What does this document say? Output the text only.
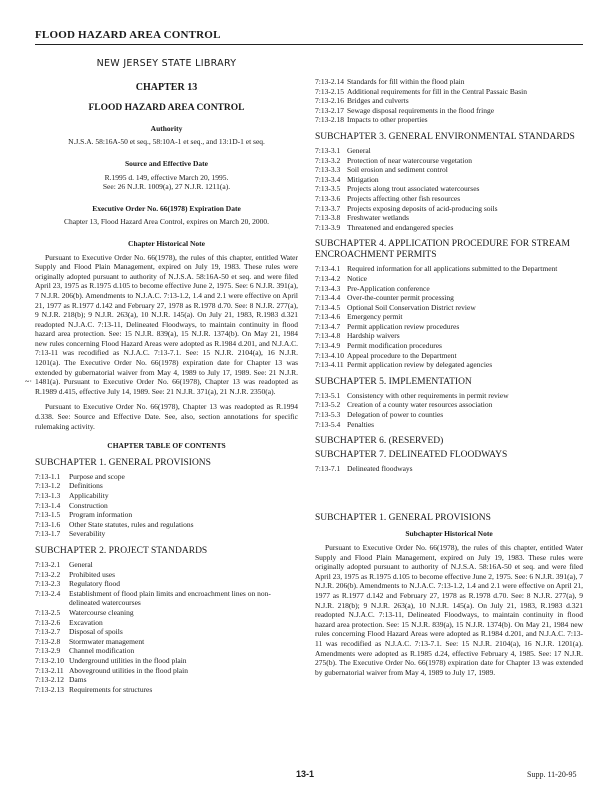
FLOOD HAZARD AREA CONTROL
~·
NEW JERSEY STATE LIBRARY
CHAPTER 13
FLOOD HAZARD AREA CONTROL
Authority

N.J.S.A. 58:16A-50 et seq., 58:10A-1 et seq., and 13:1D-1 et seq.

Source and Effective Date

R.1995 d. 149, effective March 20, 1995.

See: 26 N.J.R. 1009(a), 27 N.J.R. 1211(a).

Executive Order No. 66(1978) Expiration Date

Chapter 13, Flood Hazard Area Control, expires on March 20, 2000.

Chapter Historical Note

Pursuant to Executive Order No. 66(1978), the rules of this chapter, entitled Water Supply and Flood Plain Management, expired on July 19, 1983. These rules were originally adopted pursuant to authority of N.J.S.A. 58:16A-50 et seq. and were filed April 23, 1975 as R.1975 d.105 to become effective June 2, 1975. See: 6 N.J.R. 391(a), 7 N.J.R. 206(b). Amendments to N.J.A.C. 7:13-1.2, 1.4 and 2.1 were effective on April 21, 1977 as R.1977 d.142 and February 27, 1978 as R.1978 d.70. See: 8 N.J.R. 277(a), 9 N.J.R. 218(b); 9 N.J.R. 263(a), 10 N.J.R. 145(a). On July 21, 1983, R.1983 d.321 readopted N.J.A.C. 7:13-11, Delineated Floodways, to maintain continuity in flood hazard area protection. See: 15 N.J.R. 839(a), 15 N.J.R. 1374(b). On May 21, 1984 new rules concerning Flood Hazard Areas were adopted as R.1984 d.201, and N.J.A.C. 7:13-11 was recodified as N.J.A.C. 7:13-7.1. See: 15 N.J.R. 2104(a), 16 N.J.R. 1201(a). The Executive Order No. 66(1978) expiration date for Chapter 13 was extended by gubernatorial waiver from May 4, 1989 to July 17, 1989. See: 21 N.J.R. 1481(a). Pursuant to Executive Order No. 66(1978), Chapter 13 was readopted as R.1989 d.415, effective July 14, 1989. See: 21 N.J.R. 371(a), 21 N.J.R. 2350(a).

Pursuant to Executive Order No. 66(1978), Chapter 13 was readopted as R.1994 d.338. See: Source and Effective Date. See, also, section annotations for specific rulemaking activity.

CHAPTER TABLE OF CONTENTS
SUBCHAPTER 1. GENERAL PROVISIONS
7:13-1.1	Purpose and scope
7:13-1.2	Definitions
7:13-1.3	Applicability
7:13-1.4	Construction
7:13-1.5	Program information
7:13-1.6	Other State statutes, rules and regulations
7:13-1.7	Severability
SUBCHAPTER 2. PROJECT STANDARDS
7:13-2.1	General
7:13-2.2	Prohibited uses
7:13-2.3	Regulatory flood
7:13-2.4	Establishment of flood plain limits and encroachment lines on non-delineated watercourses
7:13-2.5	Watercourse cleaning
7:13-2.6	Excavation
7:13-2.7	Disposal of spoils
7:13-2.8	Stormwater management
7:13-2.9	Channel modification
7:13-2.10 Underground utilities in the flood plain
7:13-2.11 Aboveground utilities in the flood plain
7:13-2.12 Dams
7:13-2.13 Requirements for structures
7:13-2.14 Standards for fill within the flood plain
7:13-2.15 Additional requirements for fill in the Central Passaic Basin
7:13-2.16 Bridges and culverts
7:13-2.17 Sewage disposal requirements in the flood fringe
7:13-2.18 Impacts to other properties
SUBCHAPTER 3. GENERAL ENVIRONMENTAL STANDARDS
7:13-3.1 General
7:13-3.2 Protection of near watercourse vegetation
7:13-3.3 Soil erosion and sediment control
7:13-3.4 Mitigation
7:13-3.5 Projects along trout associated watercourses
7:13-3.6 Projects affecting other fish resources
7:13-3.7 Projects exposing deposits of acid-producing soils
7:13-3.8 Freshwater wetlands
7:13-3.9 Threatened and endangered species
SUBCHAPTER 4. APPLICATION PROCEDURE FOR STREAM ENCROACHMENT PERMITS
7:13-4.1 Required information for all applications submitted to the Department
7:13-4.2 Notice
7:13-4.3 Pre-Application conference
7:13-4.4 Over-the-counter permit processing
7:13-4.5 Optional Soil Conservation District review
7:13-4.6 Emergency permit
7:13-4.7 Permit application review procedures
7:13-4.8 Hardship waivers
7:13-4.9 Permit modification procedures
7:13-4.10 Appeal procedure to the Department
7:13-4.11 Permit application review by delegated agencies
SUBCHAPTER 5. IMPLEMENTATION
7:13-5.1 Consistency with other requirements in permit review
7:13-5.2 Creation of a county water resources association
7:13-5.3 Delegation of power to counties
7:13-5.4 Penalties
SUBCHAPTER 6. (RESERVED)
SUBCHAPTER 7. DELINEATED FLOODWAYS
7:13-7.1 Delineated floodways
SUBCHAPTER 1. GENERAL PROVISIONS
Subchapter Historical Note

Pursuant to Executive Order No. 66(1978), the rules of this chapter, entitled Water Supply and Flood Plain Management, expired on July 19, 1983. These rules were originally adopted pursuant to authority of N.J.S.A. 58:16A-50 et seq. and were filed April 23, 1975 as R.1975 d.105 to become effective June 2, 1975. See: 6 N.J.R. 391(a), 7 N.J.R. 206(b). Amendments to N.J.A.C. 7:13-1.2, 1.4 and 2.1 were effective on April 21, 1977 as R.1977 d.142 and February 27, 1978 as R.1978 d.70. See: 8 N.J.R. 277(a), 9 N.J.R. 218(b); 9 N.J.R. 263(a), 10 N.J.R. 145(a). On July 21, 1983, R.1983 d.321 readopted N.J.A.C. 7:13-11, Delineated Floodways, to maintain continuity in flood hazard area protection. See: 15 N.J.R. 839(a), 15 N.J.R. 1374(b). On May 21, 1984 new rules concerning Flood Hazard Areas were adopted as R.1984 d.201, and N.J.A.C. 7:13-11 was recodified as N.J.A.C. 7:13-7.1. See: 15 N.J.R. 2104(a), 16 N.J.R. 1201(a). Amendments were adopted as R.1985 d.24, effective February 4, 1985. See: 17 N.J.R. 275(b). The Executive Order No. 66(1978) expiration date for Chapter 13 was extended by gubernatorial waiver from May 4, 1989 to July 17, 1989.

13-1	Supp. 11-20-95
